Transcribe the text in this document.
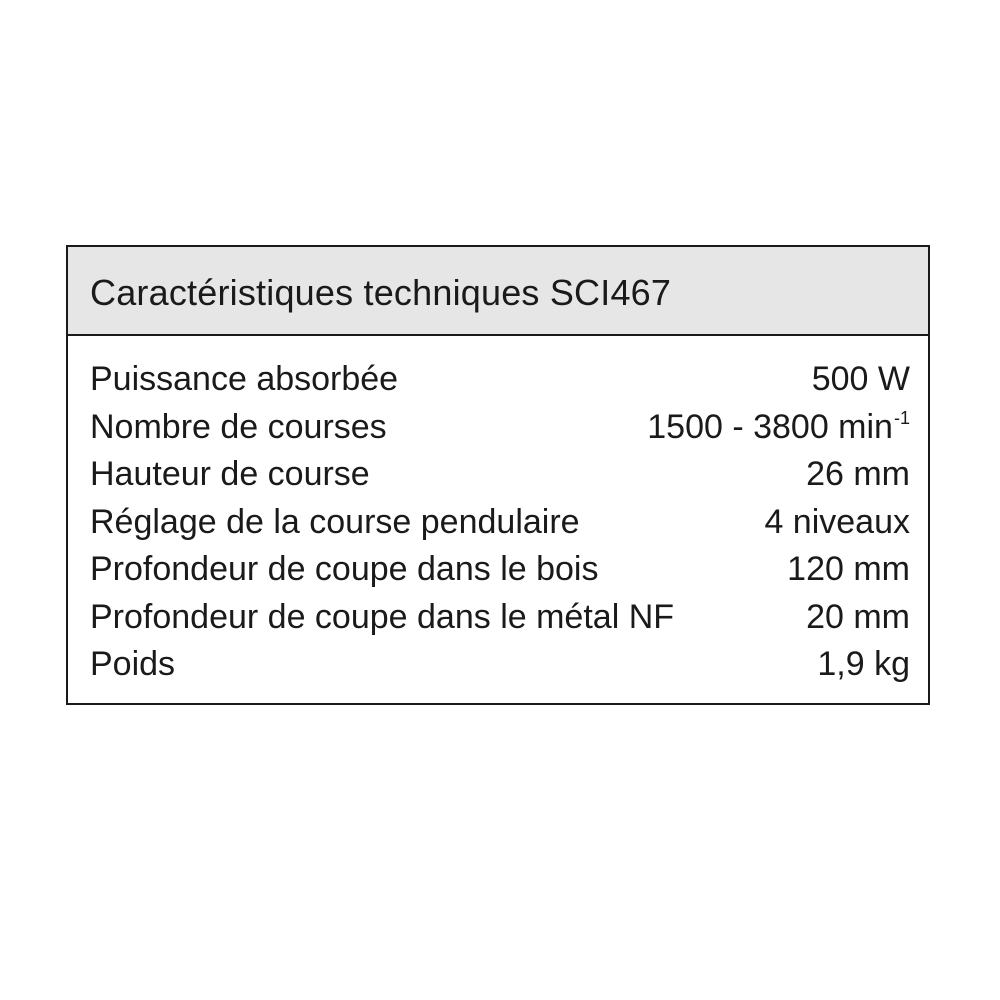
Caractéristiques techniques SCI467
Puissance absorbée	500 W
Nombre de courses	1500 - 3800 $\min^{-1}$
Hauteur de course	26 mm
Réglage de la course pendulaire	4 niveaux
Profondeur de coupe dans le bois	120 mm
Profondeur de coupe dans le métal NF	20 mm
Poids	1,9 kg
